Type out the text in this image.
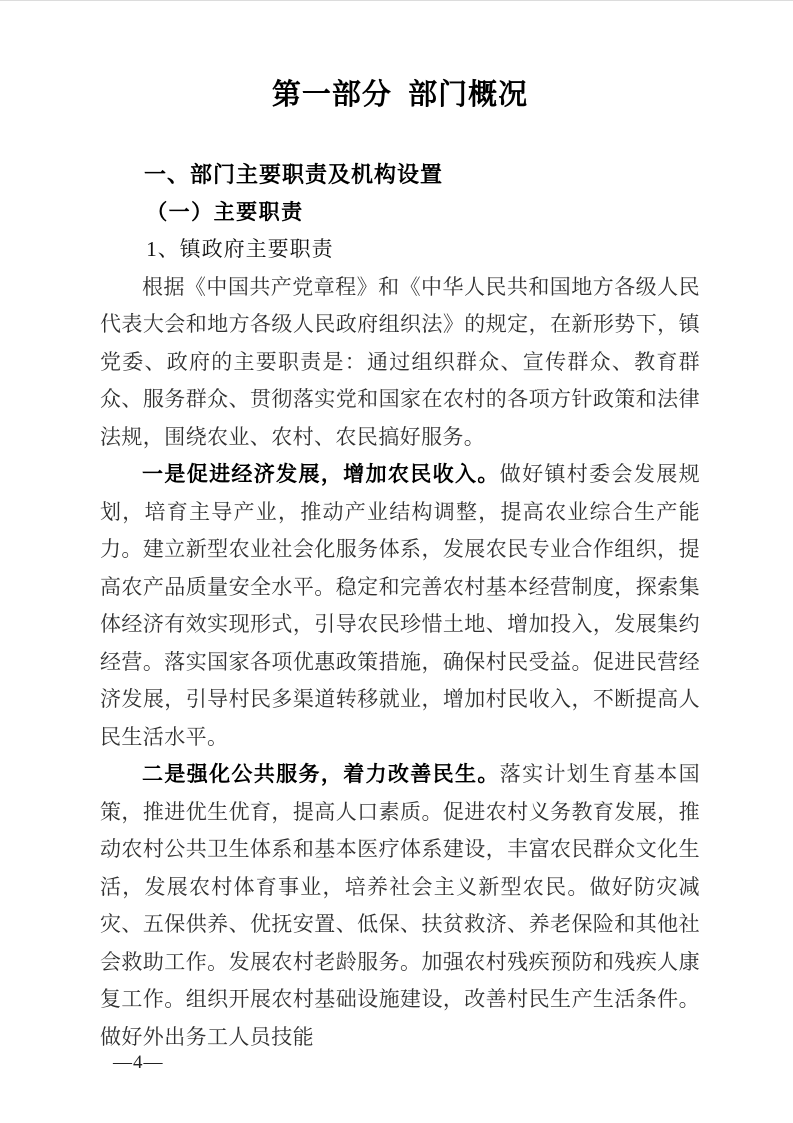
第一部分 部门概况
一、部门主要职责及机构设置
（一）主要职责
1、镇政府主要职责

根据《中国共产党章程》和《中华人民共和国地方各级人民代表大会和地方各级人民政府组织法》的规定，在新形势下，镇党委、政府的主要职责是：通过组织群众、宣传群众、教育群众、服务群众、贯彻落实党和国家在农村的各项方针政策和法律法规，围绕农业、农村、农民搞好服务。

一是促进经济发展，增加农民收入。做好镇村委会发展规划，培育主导产业，推动产业结构调整，提高农业综合生产能力。建立新型农业社会化服务体系，发展农民专业合作组织，提高农产品质量安全水平。稳定和完善农村基本经营制度，探索集体经济有效实现形式，引导农民珍惜土地、增加投入，发展集约经营。落实国家各项优惠政策措施，确保村民受益。促进民营经济发展，引导村民多渠道转移就业，增加村民收入，不断提高人民生活水平。

二是强化公共服务，着力改善民生。落实计划生育基本国策，推进优生优育，提高人口素质。促进农村义务教育发展，推动农村公共卫生体系和基本医疗体系建设，丰富农民群众文化生活，发展农村体育事业，培养社会主义新型农民。做好防灾减灾、五保供养、优抚安置、低保、扶贫救济、养老保险和其他社会救助工作。发展农村老龄服务。加强农村残疾预防和残疾人康复工作。组织开展农村基础设施建设，改善村民生产生活条件。做好外出务工人员技能

—4—
